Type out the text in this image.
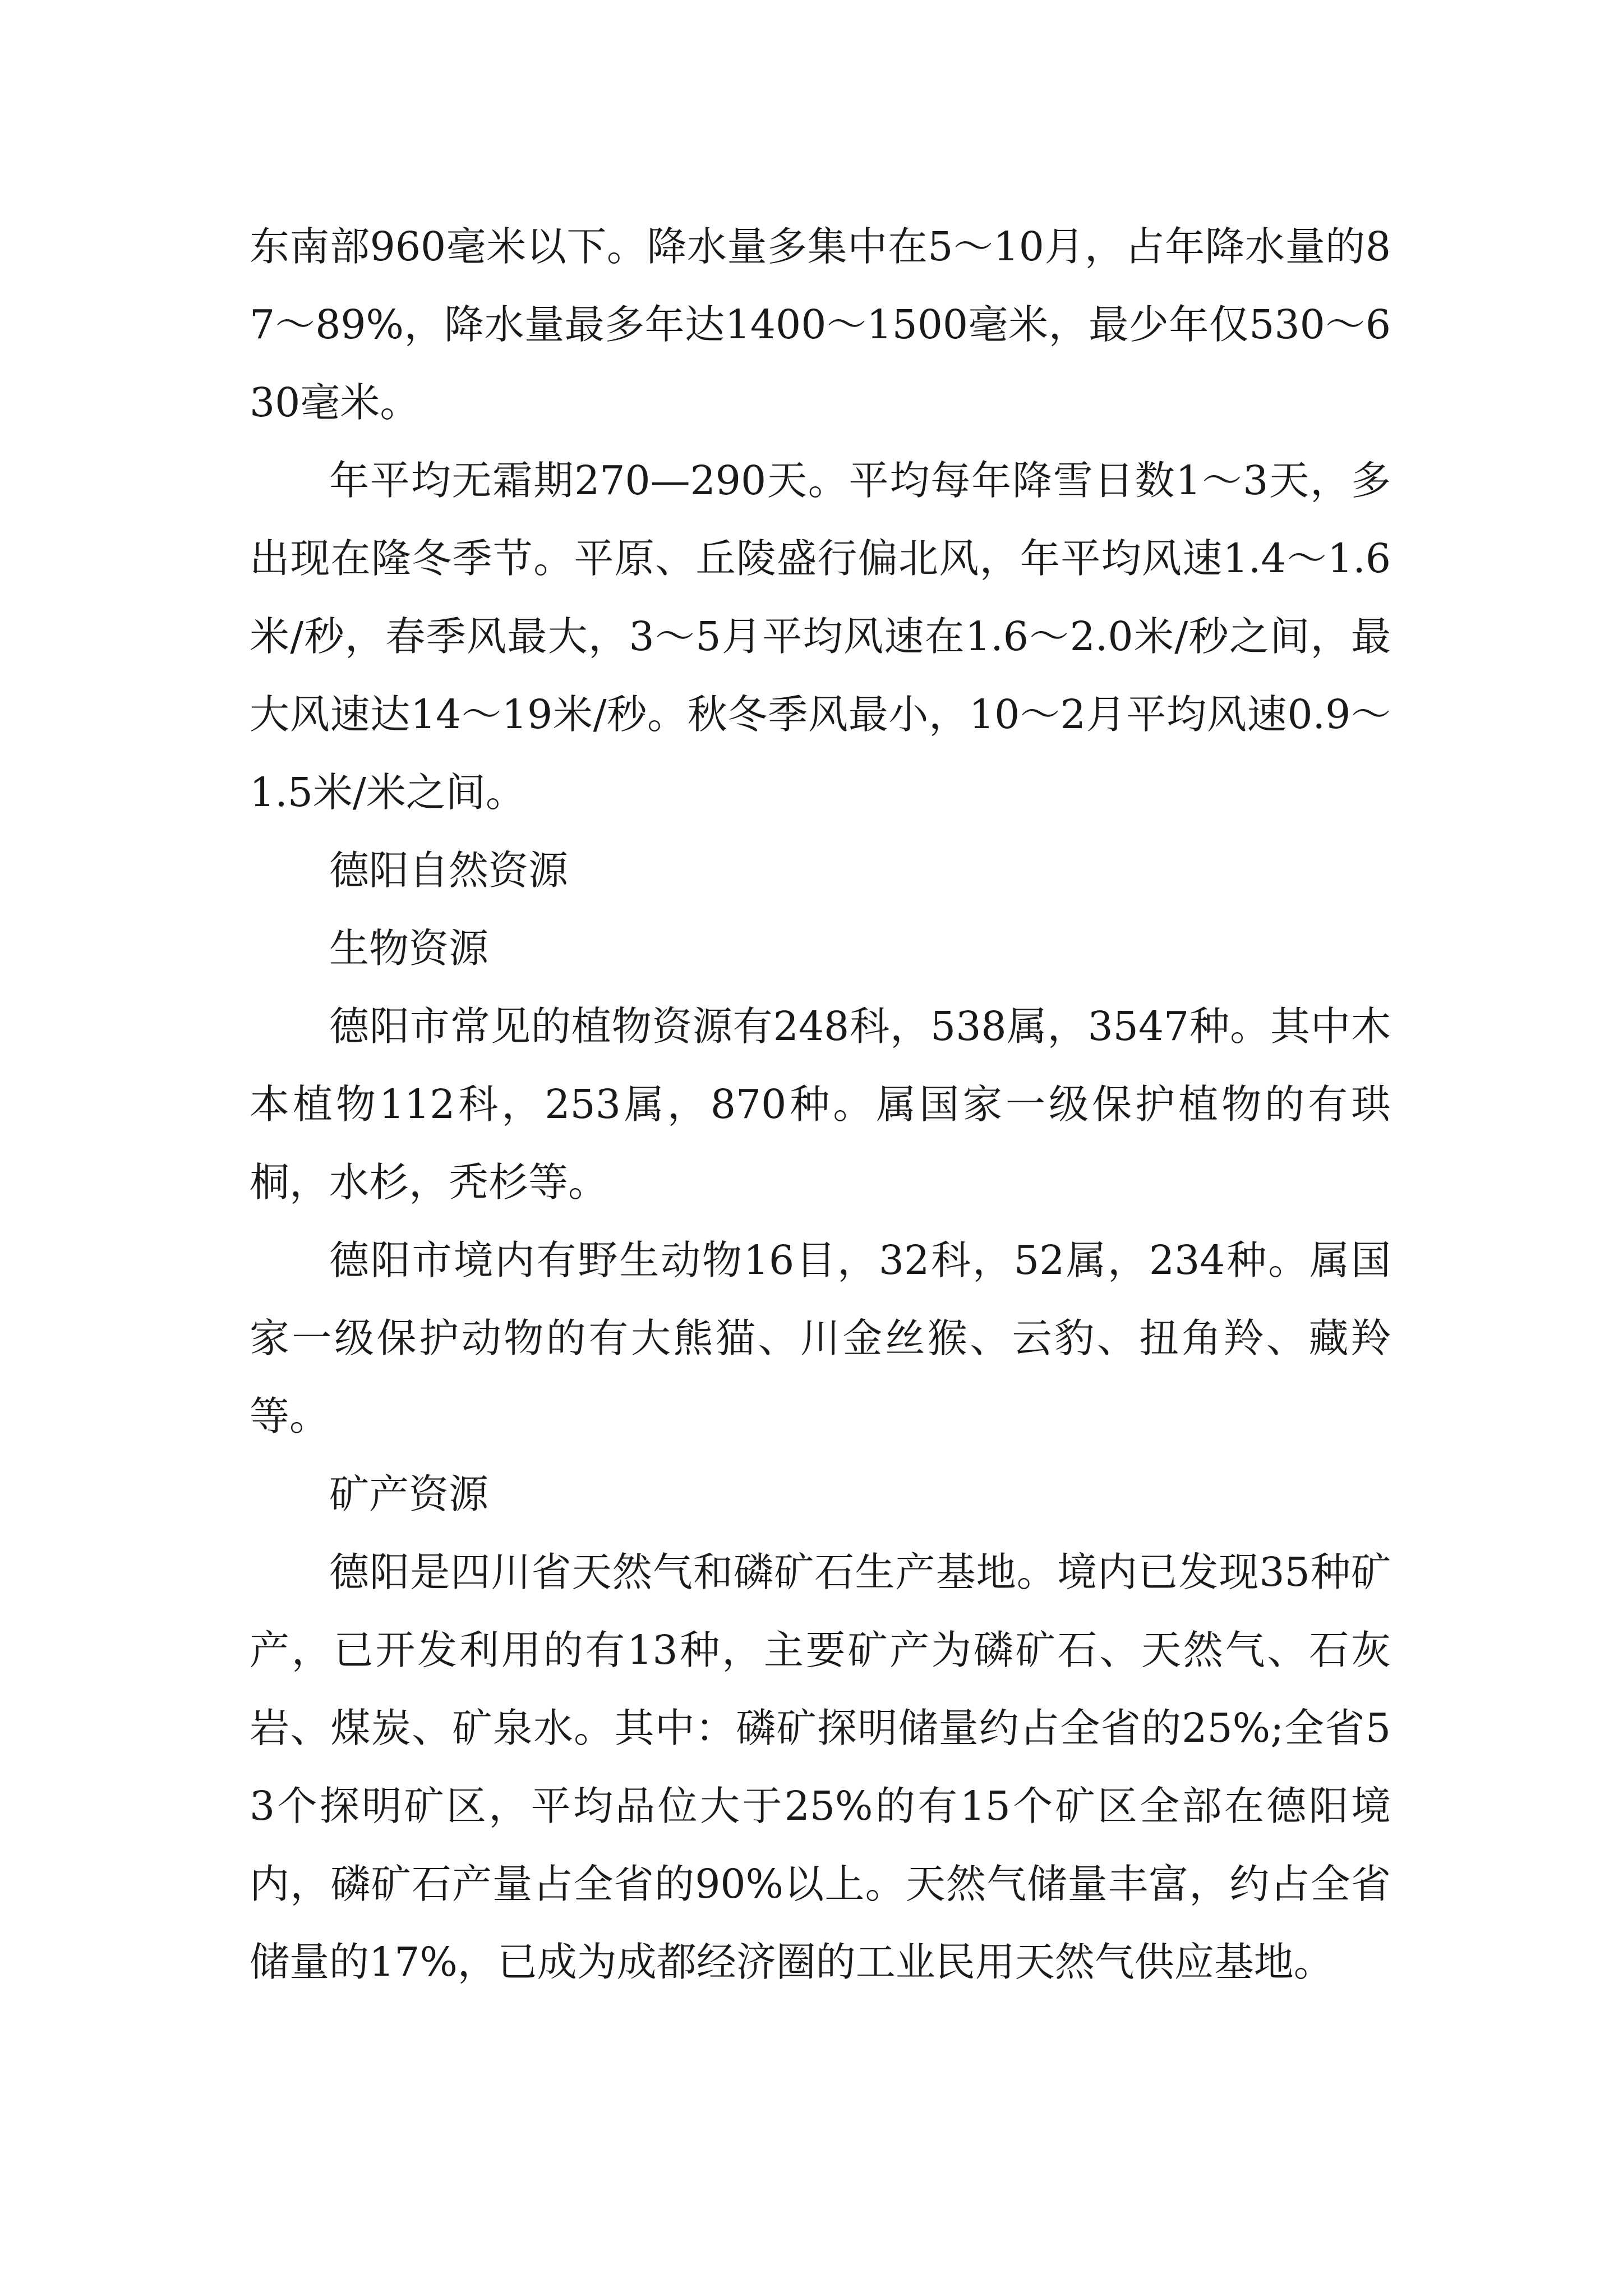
东南部960毫米以下。降水量多集中在5～10月，占年降水量的87～89%，降水量最多年达1400～1500毫米，最少年仅530～630毫米。

年平均无霜期270—290天。平均每年降雪日数1～3天，多出现在隆冬季节。平原、丘陵盛行偏北风，年平均风速1.4～1.6米/秒，春季风最大，3～5月平均风速在1.6～2.0米/秒之间，最大风速达14～19米/秒。秋冬季风最小，10～2月平均风速0.9～1.5米/米之间。

德阳自然资源

生物资源

德阳市常见的植物资源有248科，538属，3547种。其中木本植物112科，253属，870种。属国家一级保护植物的有珙桐，水杉，秃杉等。

德阳市境内有野生动物16目，32科，52属，234种。属国家一级保护动物的有大熊猫、川金丝猴、云豹、扭角羚、藏羚等。

矿产资源

德阳是四川省天然气和磷矿石生产基地。境内已发现35种矿产，已开发利用的有13种，主要矿产为磷矿石、天然气、石灰岩、煤炭、矿泉水。其中：磷矿探明储量约占全省的25%;全省53个探明矿区，平均品位大于25%的有15个矿区全部在德阳境内，磷矿石产量占全省的90%以上。天然气储量丰富，约占全省储量的17%，已成为成都经济圈的工业民用天然气供应基地。
